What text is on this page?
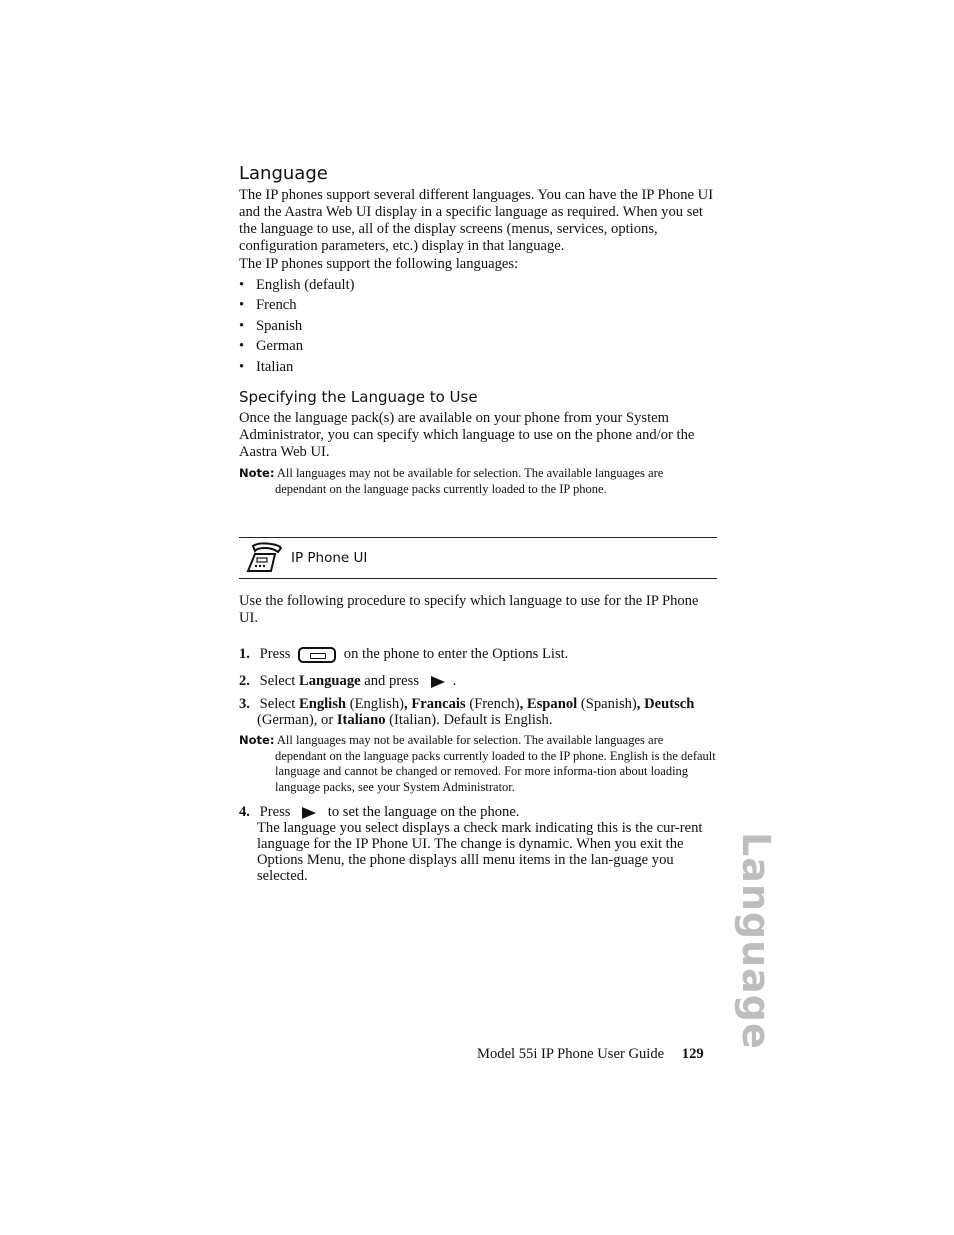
Language
The IP phones support several different languages. You can have the IP Phone UI and the Aastra Web UI display in a specific language as required. When you set the language to use, all of the display screens (menus, services, options, configuration parameters, etc.) display in that language.
The IP phones support the following languages:
• English (default)
• French
• Spanish
• German
• Italian
Specifying the Language to Use
Once the language pack(s) are available on your phone from your System Administrator, you can specify which language to use on the phone and/or the Aastra Web UI.
Note: All languages may not be available for selection. The available languages are
dependant on the language packs currently loaded to the IP phone.
IP Phone UI
Use the following procedure to specify which language to use for the IP Phone UI.
1. Press	on the phone to enter the Options List.
2. Select Language and press .
3. Select English (English), Francais (French), Espanol (Spanish), Deutsch
(German), or Italiano (Italian). Default is English.
Note: All languages may not be available for selection. The available languages are
dependant on the language packs currently loaded to the IP phone. English is the default language and cannot be changed or removed. For more informa-tion about loading language packs, see your System Administrator.
4. Press	to set the language on the phone.
The language you select displays a check mark indicating this is the cur-rent language for the IP Phone UI. The change is dynamic. When you exit the Options Menu, the phone displays alll menu items in the lan-guage you selected.	Language
Model 55i IP Phone User Guide 129
